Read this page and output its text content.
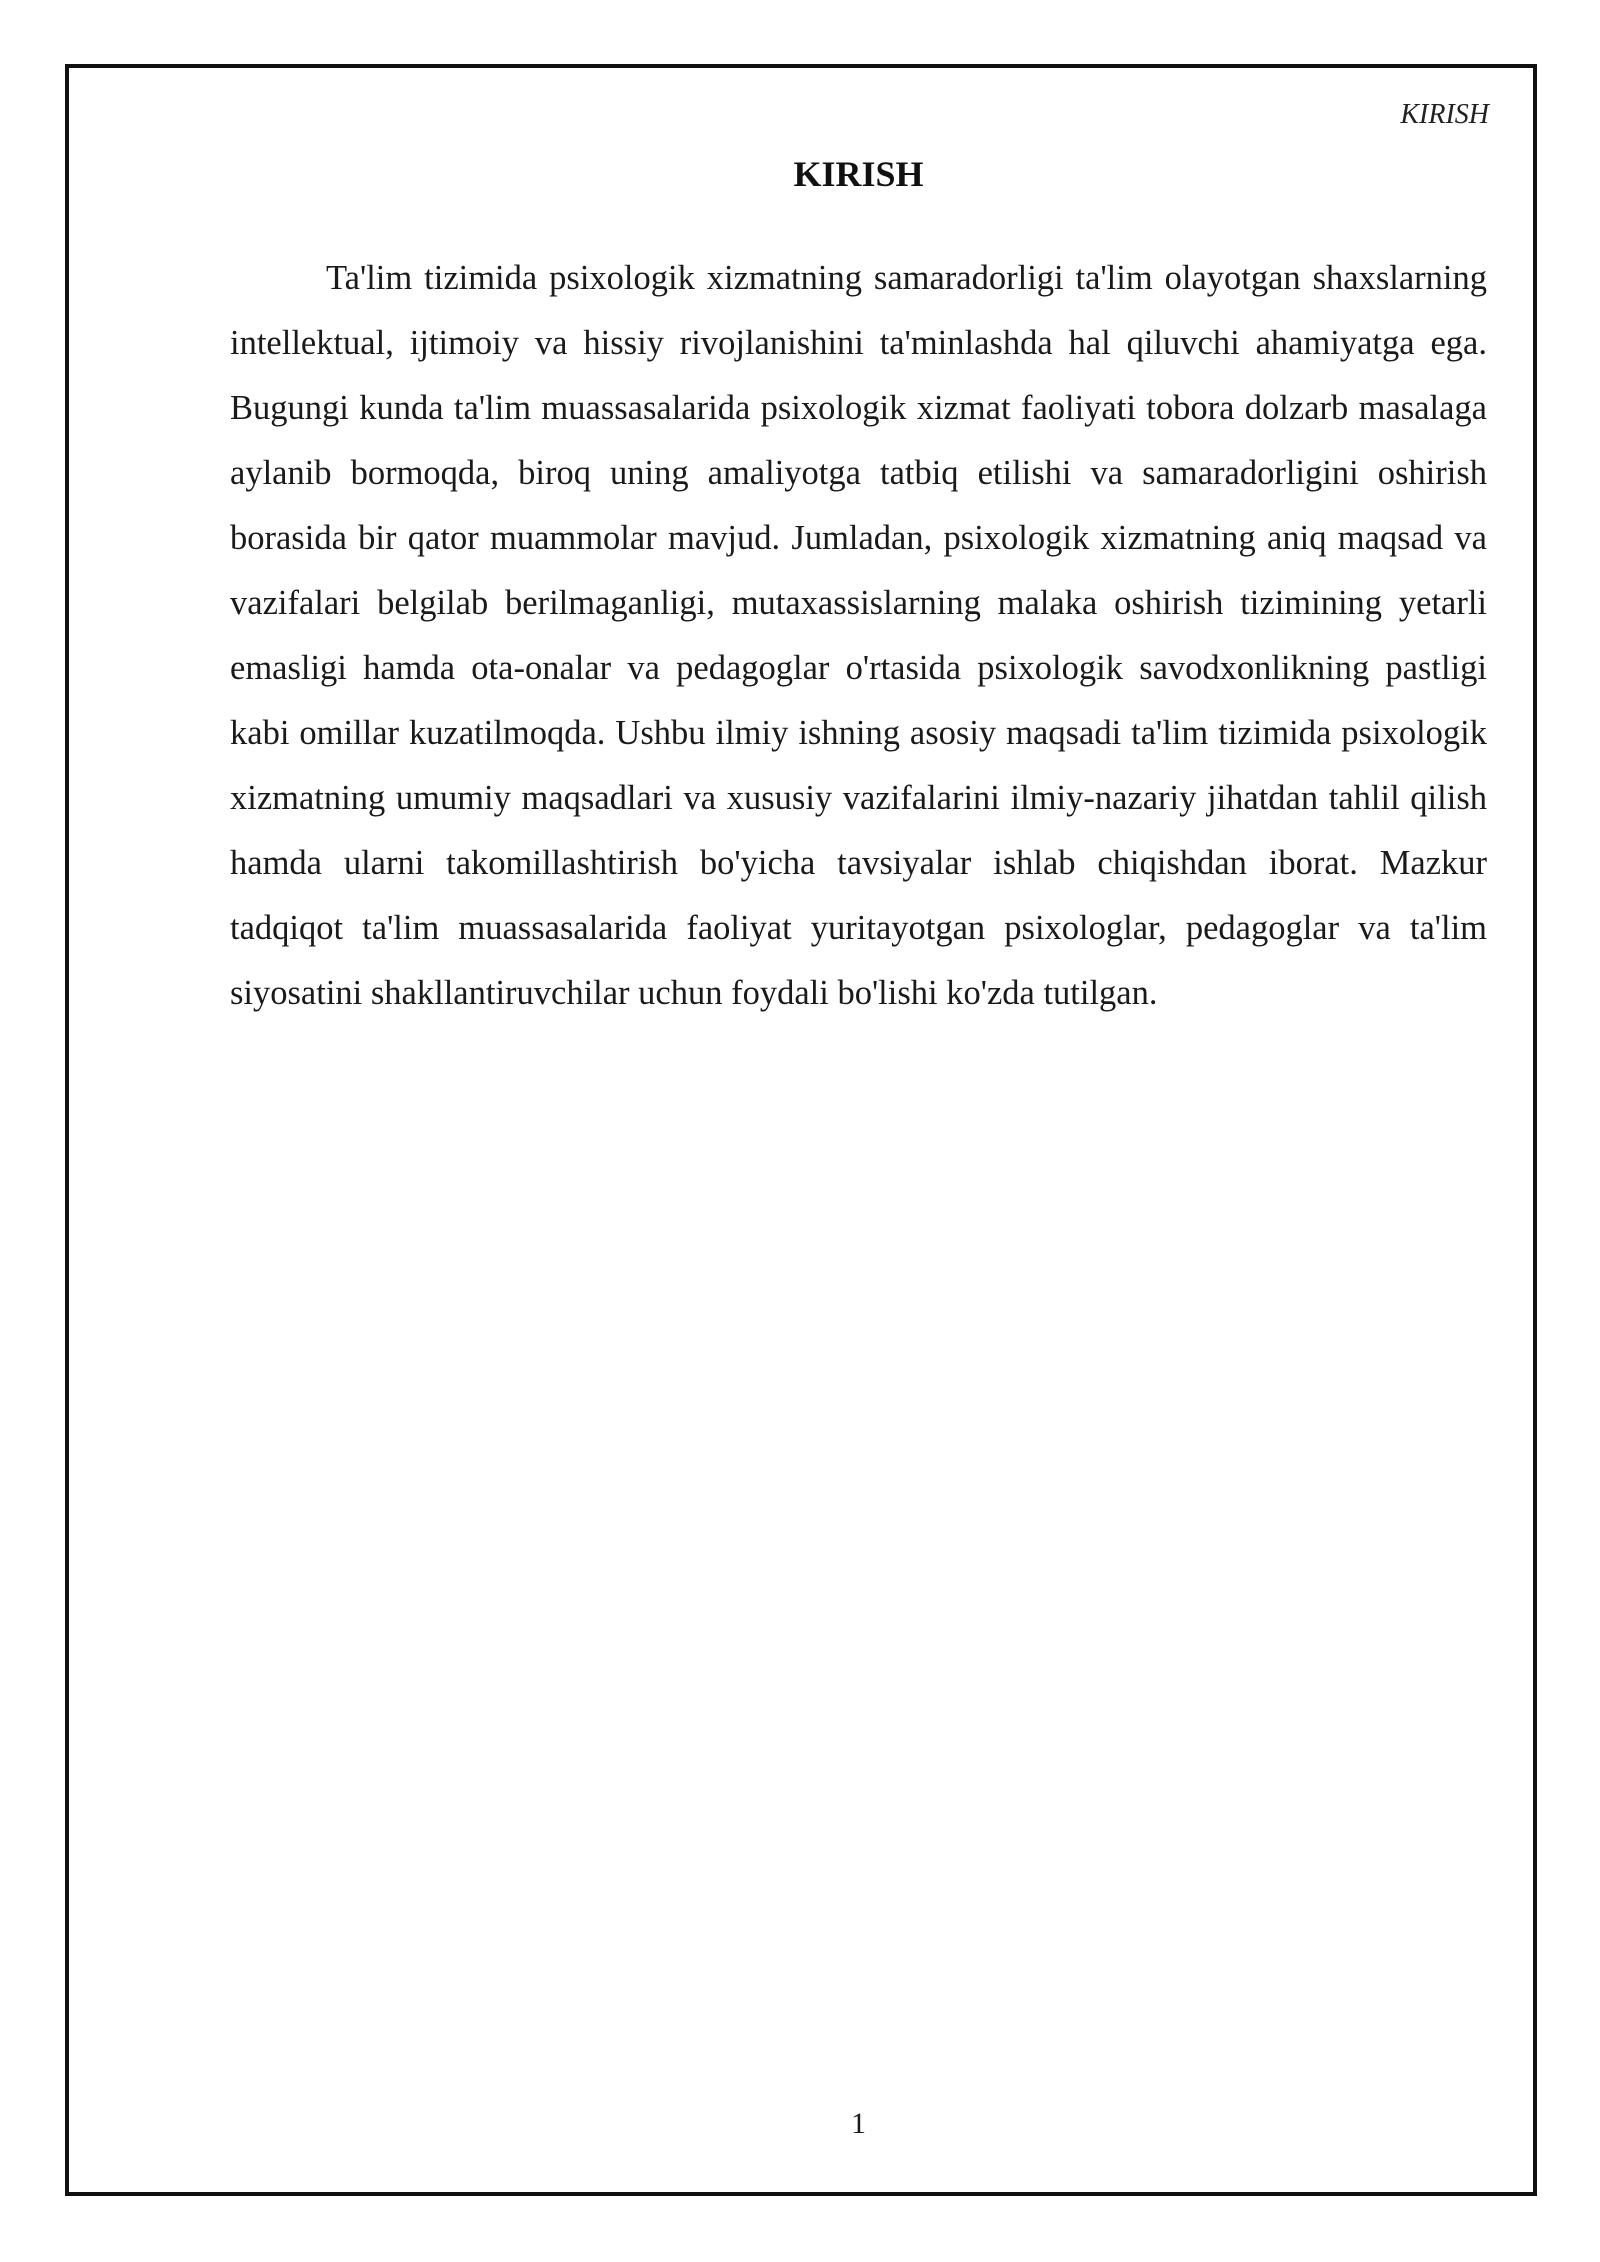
KIRISH
KIRISH

Ta'lim tizimida psixologik xizmatning samaradorligi ta'lim olayotgan shaxslarning intellektual, ijtimoiy va hissiy rivojlanishini ta'minlashda hal qiluvchi ahamiyatga ega. Bugungi kunda ta'lim muassasalarida psixologik xizmat faoliyati tobora dolzarb masalaga aylanib bormoqda, biroq uning amaliyotga tatbiq etilishi va samaradorligini oshirish borasida bir qator muammolar mavjud. Jumladan, psixologik xizmatning aniq maqsad va vazifalari belgilab berilmaganligi, mutaxassislarning malaka oshirish tizimining yetarli emasligi hamda ota-onalar va pedagoglar o'rtasida psixologik savodxonlikning pastligi kabi omillar kuzatilmoqda. Ushbu ilmiy ishning asosiy maqsadi ta'lim tizimida psixologik xizmatning umumiy maqsadlari va xususiy vazifalarini ilmiy-nazariy jihatdan tahlil qilish hamda ularni takomillashtirish bo'yicha tavsiyalar ishlab chiqishdan iborat. Mazkur tadqiqot ta'lim muassasalarida faoliyat yuritayotgan psixologlar, pedagoglar va ta'lim siyosatini shakllantiruvchilar uchun foydali bo'lishi ko'zda tutilgan.

1
